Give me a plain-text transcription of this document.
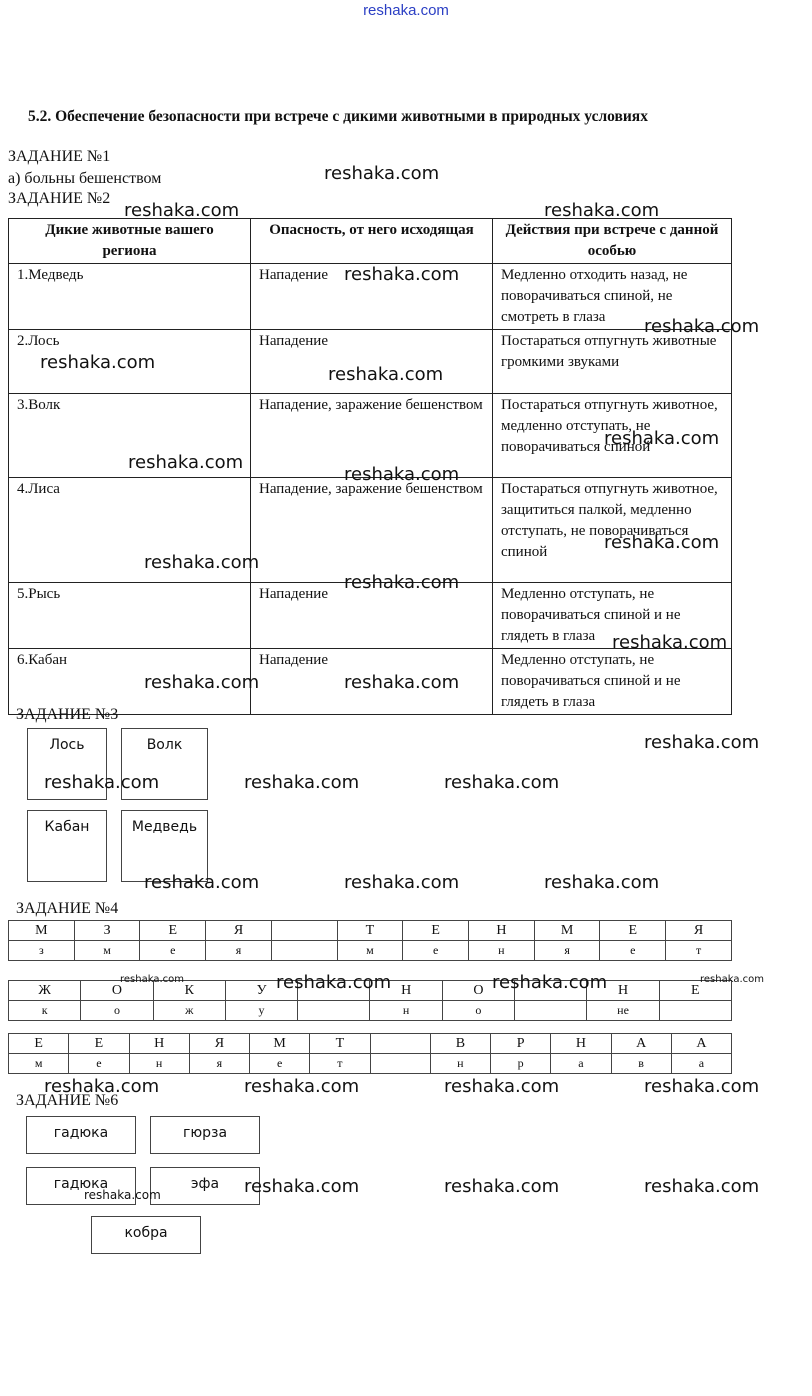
reshaka.com
5.2. Обеспечение безопасности при встрече с дикими животными в природных условиях
ЗАДАНИЕ №1
а) больны бешенством
ЗАДАНИЕ №2
Дикие животные вашего региона	Опасность, от него исходящая	Действия при встрече с данной особью
1.Медведь	Нападение	Медленно отходить назад, не поворачиваться спиной, не смотреть в глаза
2.Лось	Нападение	Постараться отпугнуть животные громкими звуками
3.Волк	Нападение, заражение бешенством	Постараться отпугнуть животное, медленно отступать, не поворачиваться спиной
4.Лиса	Нападение, заражение бешенством	Постараться отпугнуть животное, защититься палкой, медленно отступать, не поворачиваться спиной
5.Рысь	Нападение	Медленно отступать, не поворачиваться спиной и не глядеть в глаза
6.Кабан	Нападение	Медленно отступать, не поворачиваться спиной и не глядеть в глаза
ЗАДАНИЕ №3
Лось	Волк
Кабан	Медведь
ЗАДАНИЕ №4
М	З	Е	Я		Т	Е	Н	М	Е	Я
з	м	е	я		м	е	н	я	е	т
Ж	О	К	У		Н	О		Н	Е
к	о	ж	у		н	о		не	
Е	Е	Н	Я	М	Т		В	Р	Н	А	А
м	е	н	я	е	т		н	р	а	в	а
ЗАДАНИЕ №6
гадюка	гюрза
гадюка	эфа
кобра
reshaka.com
reshaka.com	reshaka.com
reshaka.com
reshaka.com
reshaka.com
reshaka.com
reshaka.com
reshaka.com
reshaka.com
reshaka.com
reshaka.com
reshaka.com
reshaka.com
reshaka.com	reshaka.com
reshaka.com
reshaka.com	reshaka.com	reshaka.com
reshaka.com	reshaka.com	reshaka.com
reshaka.com	reshaka.com	reshaka.com	reshaka.com
reshaka.com	reshaka.com	reshaka.com	reshaka.com
reshaka.com	reshaka.com	reshaka.com	reshaka.com
